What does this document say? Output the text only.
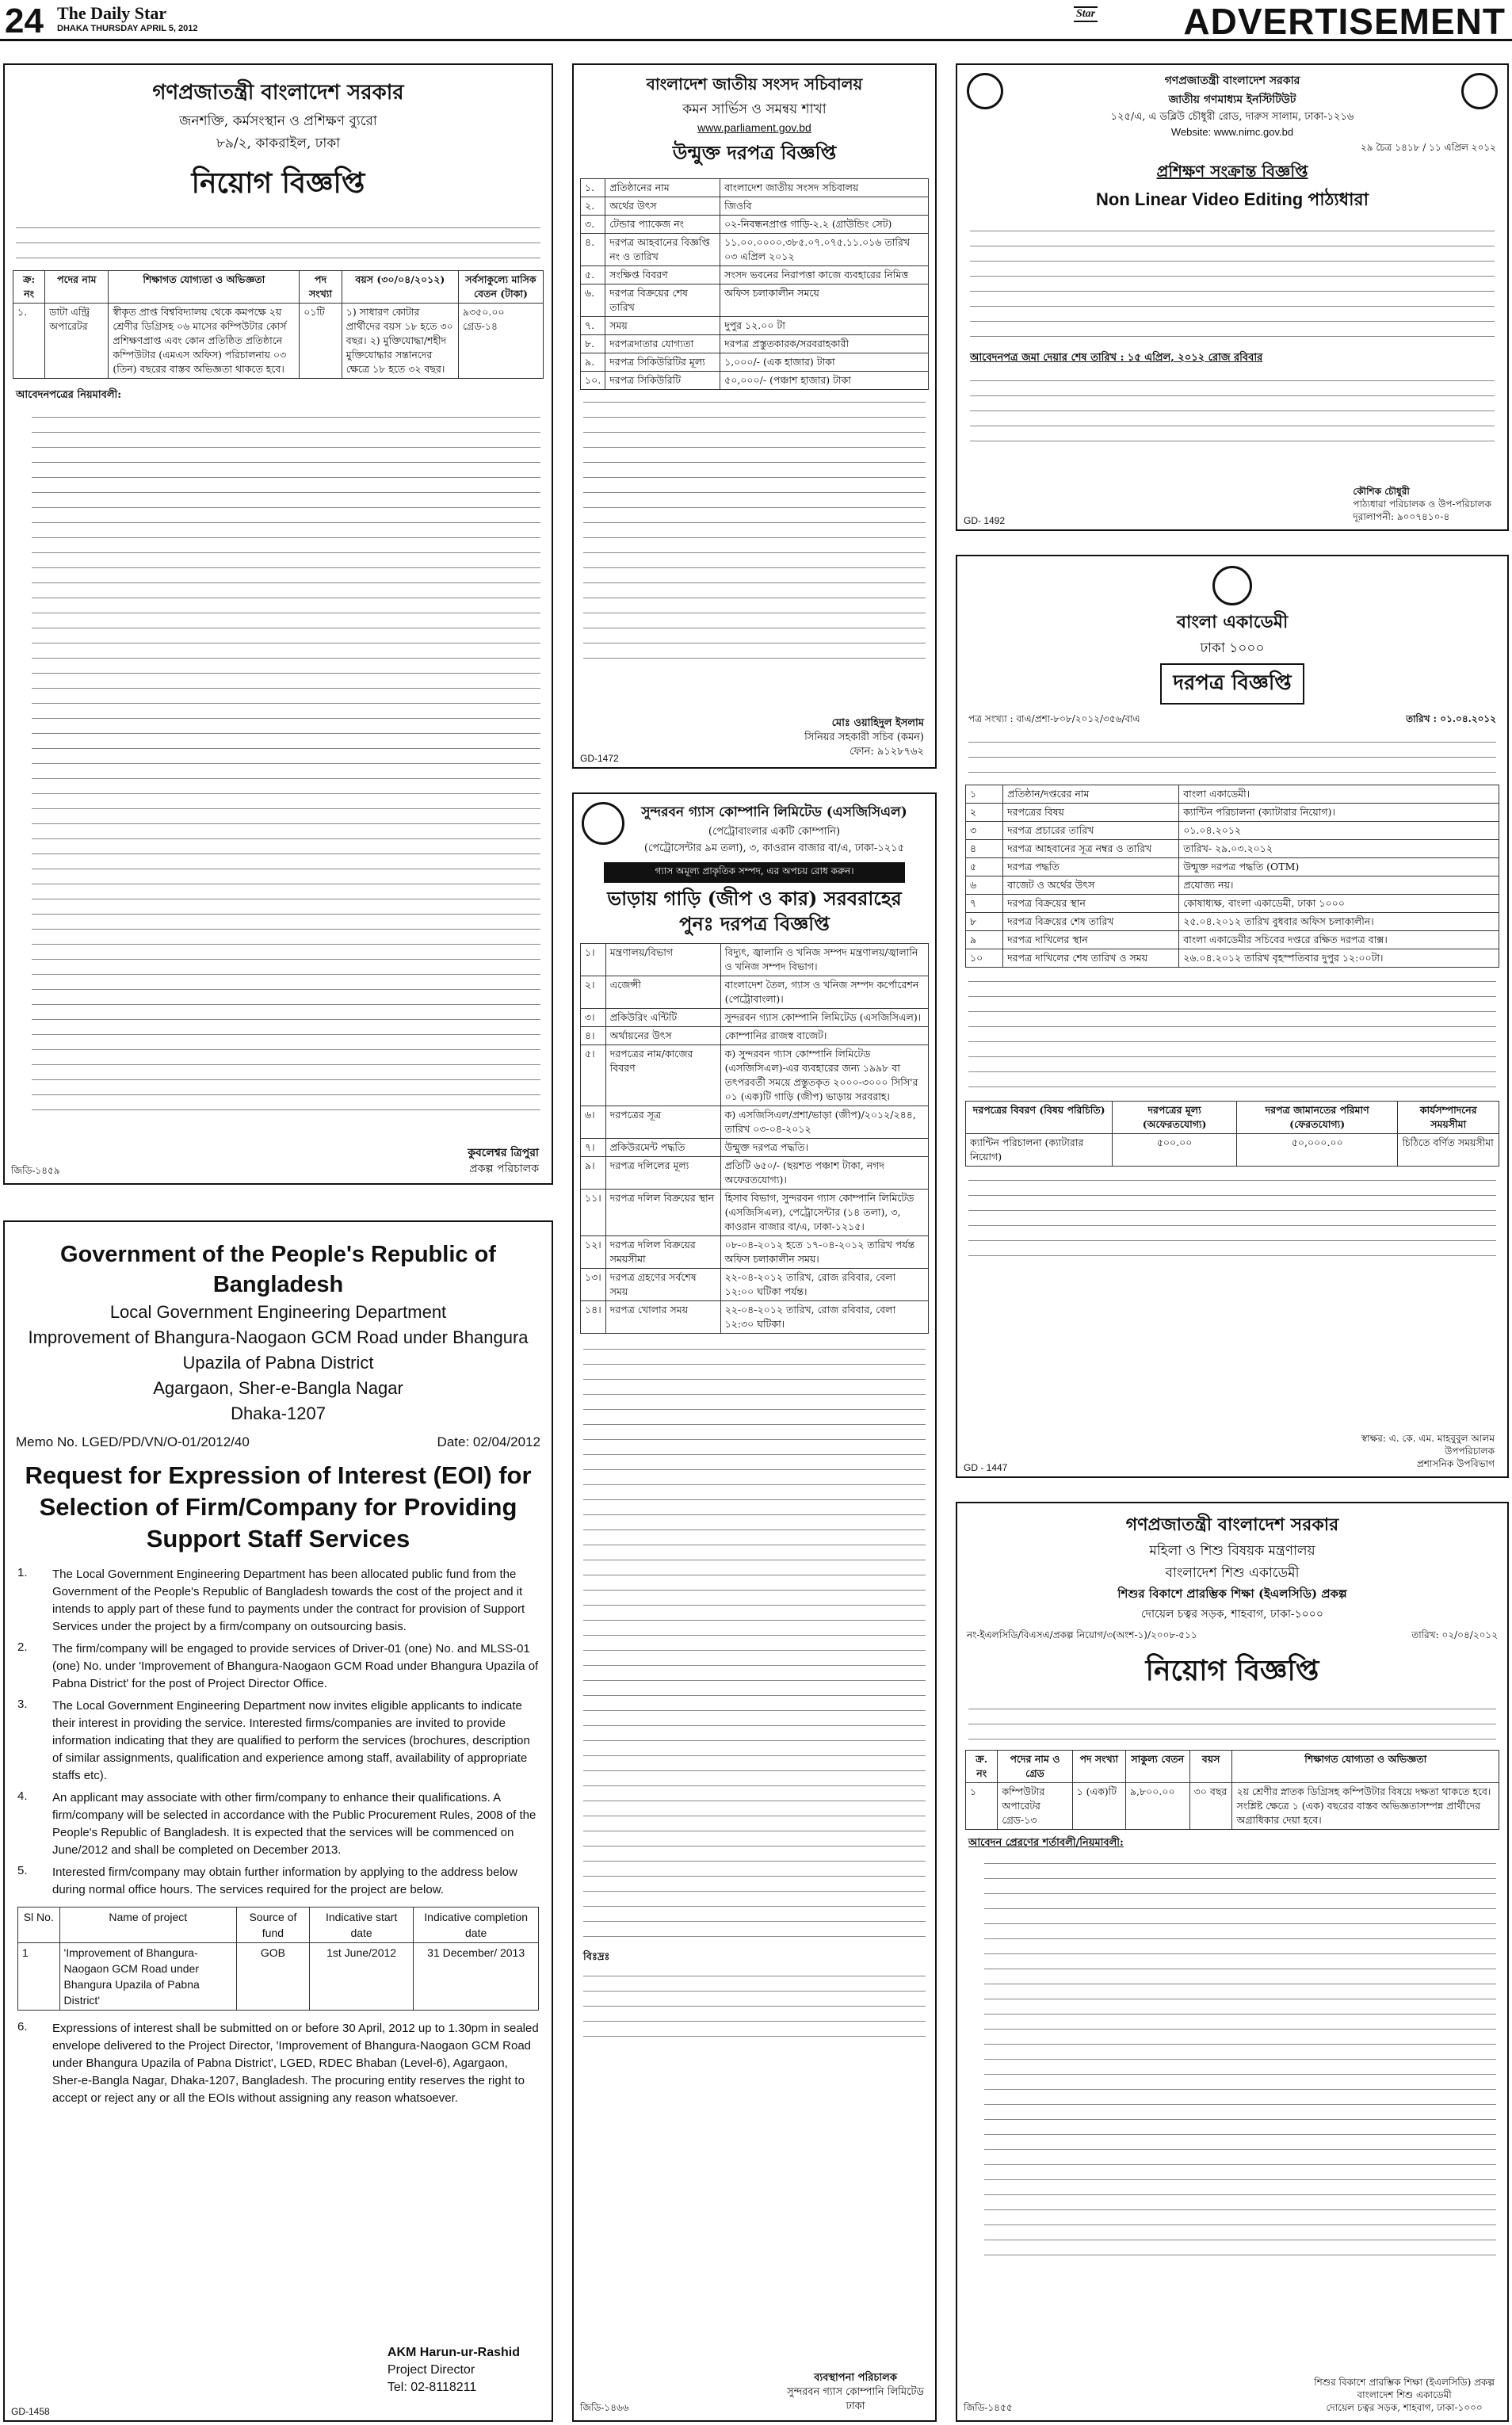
24 The Daily Star
DHAKA THURSDAY APRIL 5, 2012
Star ADVERTISEMENT
গণপ্রজাতন্ত্রী বাংলাদেশ সরকার
জনশক্তি, কর্মসংস্থান ও প্রশিক্ষণ ব্যুরো
৮৯/২, কাকরাইল, ঢাকা
নিয়োগ বিজ্ঞপ্তি
ক্র: নং	পদের নাম	শিক্ষাগত যোগ্যতা ও অভিজ্ঞতা	পদ সংখ্যা	বয়স (৩০/০৪/২০১২)	সর্বসাকুল্যে মাসিক বেতন (টাকা)
১.	ডাটা এন্ট্রি অপারেটর	স্বীকৃত প্রাপ্ত বিশ্ববিদ্যালয় থেকে কমপক্ষে ২য় শ্রেণীর ডিগ্রিসহ ০৬ মাসের কম্পিউটার কোর্স প্রশিক্ষণপ্রাপ্ত এবং কোন প্রতিষ্ঠিত প্রতিষ্ঠানে কম্পিউটার (এমএস অফিস) পরিচালনায় ০৩ (তিন) বছরের বাস্তব অভিজ্ঞতা থাকতে হবে।	০১টি	১) সাধারণ কোটার প্রার্থীদের বয়স ১৮ হতে ৩০ বছর। ২) মুক্তিযোদ্ধা/শহীদ মুক্তিযোদ্ধার সন্তানদের ক্ষেত্রে ১৮ হতে ৩২ বছর।	৯৩৫০.০০ গ্রেড-১৪
আবেদনপত্রের নিয়মাবলী:
কুবলেশ্বর ত্রিপুরা
প্রকল্প পরিচালক
জিডি-১৪৫৯
Government of the People's Republic of Bangladesh
Local Government Engineering Department
Improvement of Bhangura-Naogaon GCM Road under Bhangura Upazila of Pabna District
Agargaon, Sher-e-Bangla Nagar
Dhaka-1207
Memo No. LGED/PD/VN/O-01/2012/40	Date: 02/04/2012
Request for Expression of Interest (EOI) for Selection of Firm/Company for Providing Support Staff Services
1.	The Local Government Engineering Department has been allocated public fund from the Government of the People's Republic of Bangladesh towards the cost of the project and it intends to apply part of these fund to payments under the contract for provision of Support Services under the project by a firm/company on outsourcing basis.
2.	The firm/company will be engaged to provide services of Driver-01 (one) No. and MLSS-01 (one) No. under 'Improvement of Bhangura-Naogaon GCM Road under Bhangura Upazila of Pabna District' for the post of Project Director Office.
3.	The Local Government Engineering Department now invites eligible applicants to indicate their interest in providing the service. Interested firms/companies are invited to provide information indicating that they are qualified to perform the services (brochures, description of similar assignments, qualification and experience among staff, availability of appropriate staffs etc).
4.	An applicant may associate with other firm/company to enhance their qualifications. A firm/company will be selected in accordance with the Public Procurement Rules, 2008 of the People's Republic of Bangladesh. It is expected that the services will be commenced on June/2012 and shall be completed on December 2013.
5.	Interested firm/company may obtain further information by applying to the address below during normal office hours. The services required for the project are below.
Sl No.	Name of project	Source of fund	Indicative start date	Indicative completion date
1	'Improvement of Bhangura-Naogaon GCM Road under Bhangura Upazila of Pabna District'	GOB	1st June/2012	31 December/ 2013
6.	Expressions of interest shall be submitted on or before 30 April, 2012 up to 1.30pm in sealed envelope delivered to the Project Director, 'Improvement of Bhangura-Naogaon GCM Road under Bhangura Upazila of Pabna District', LGED, RDEC Bhaban (Level-6), Agargaon, Sher-e-Bangla Nagar, Dhaka-1207, Bangladesh. The procuring entity reserves the right to accept or reject any or all the EOIs without assigning any reason whatsoever.
AKM Harun-ur-Rashid
Project Director
Tel: 02-8118211
GD-1458
বাংলাদেশ জাতীয় সংসদ সচিবালয়
কমন সার্ভিস ও সমন্বয় শাখা
www.parliament.gov.bd
উন্মুক্ত দরপত্র বিজ্ঞপ্তি
১.	প্রতিষ্ঠানের নাম	বাংলাদেশ জাতীয় সংসদ সচিবালয়
২.	অর্থের উৎস	জিওবি
৩.	টেন্ডার প্যাকেজ নং	০২-নিবন্ধনপ্রাপ্ত গাড়ি-২.২ (গ্রাউন্ডিং সেট)
৪.	দরপত্র আহবানের বিজ্ঞপ্তি নং ও তারিখ	১১.০০.০০০০.৩৮৫.০৭.০৭৫.১১.০১৬ তারিখ ০৩ এপ্রিল ২০১২
৫.	সংক্ষিপ্ত বিবরণ	সংসদ ভবনের নিরাপত্তা কাজে ব্যবহারের নিমিত্ত
৬.	দরপত্র বিক্রয়ের শেষ তারিখ	অফিস চলাকালীন সময়ে
৭.	সময়	দুপুর ১২.০০ টা
৮.	দরপত্রদাতার যোগ্যতা	দরপত্র প্রস্তুতকারক/সরবরাহকারী
৯.	দরপত্র সিকিউরিটির মূল্য	১,০০০/- (এক হাজার) টাকা
১০.	দরপত্র সিকিউরিটি	৫০,০০০/- (পঞ্চাশ হাজার) টাকা
মোঃ ওয়াহিদুল ইসলাম
সিনিয়র সহকারী সচিব (কমন)
ফোন: ৯১২৮৭৬২
GD-1472
সুন্দরবন গ্যাস কোম্পানি লিমিটেড (এসজিসিএল)
(পেট্রোবাংলার একটি কোম্পানি)
(পেট্রোসেন্টার ৯ম তলা), ৩, কাওরান বাজার বা/এ, ঢাকা-১২১৫
গ্যাস অমূল্য প্রাকৃতিক সম্পদ, এর অপচয় রোধ করুন।
ভাড়ায় গাড়ি (জীপ ও কার) সরবরাহের
পুনঃ দরপত্র বিজ্ঞপ্তি
১।	মন্ত্রণালয়/বিভাগ	বিদ্যুৎ, জ্বালানি ও খনিজ সম্পদ মন্ত্রণালয়/জ্বালানি ও খনিজ সম্পদ বিভাগ।
২।	এজেন্সী	বাংলাদেশ তৈল, গ্যাস ও খনিজ সম্পদ কর্পোরেশন (পেট্রোবাংলা)।
৩।	প্রকিউরিং এন্টিটি	সুন্দরবন গ্যাস কোম্পানি লিমিটেড (এসজিসিএল)।
৪।	অর্থায়নের উৎস	কোম্পানির রাজস্ব বাজেট।
৫।	দরপত্রের নাম/কাজের বিবরণ	ক) সুন্দরবন গ্যাস কোম্পানি লিমিটেড (এসজিসিএল)-এর ব্যবহারের জন্য ১৯৯৮ বা তৎপরবর্তী সময়ে প্রস্তুতকৃত ২০০০-৩০০০ সিসি'র ০১ (এক)টি গাড়ি (জীপ) ভাড়ায় সরবরাহ।
৬।	দরপত্রের সূত্র	ক) এসজিসিএল/প্রশা/ভাড়া (জীপ)/২০১২/২৪৪, তারিখ ০৩-০৪-২০১২
৭।	প্রকিউরমেন্ট পদ্ধতি	উন্মুক্ত দরপত্র পদ্ধতি।
৯।	দরপত্র দলিলের মূল্য	প্রতিটি ৬৫০/- (ছয়শত পঞ্চাশ টাকা, নগদ অফেরতযোগ্য)।
১১।	দরপত্র দলিল বিক্রয়ের স্থান	হিসাব বিভাগ, সুন্দরবন গ্যাস কোম্পানি লিমিটেড (এসজিসিএল), পেট্রোসেন্টার (১৪ তলা), ৩, কাওরান বাজার বা/এ, ঢাকা-১২১৫।
১২।	দরপত্র দলিল বিক্রয়ের সময়সীমা	০৮-০৪-২০১২ হতে ১৭-০৪-২০১২ তারিখ পর্যন্ত অফিস চলাকালীন সময়।
১৩।	দরপত্র গ্রহণের সর্বশেষ সময়	২২-০৪-২০১২ তারিখ, রোজ রবিবার, বেলা ১২:০০ ঘটিকা পর্যন্ত।
১৪।	দরপত্র খোলার সময়	২২-০৪-২০১২ তারিখ, রোজ রবিবার, বেলা ১২:৩০ ঘটিকা।
বিঃদ্রঃ
ব্যবস্থাপনা পরিচালক
সুন্দরবন গ্যাস কোম্পানি লিমিটেড
ঢাকা
জিডি-১৪৬৬
গণপ্রজাতন্ত্রী বাংলাদেশ সরকার
জাতীয় গণমাধ্যম ইনস্টিটিউট
১২৫/এ, এ ডব্লিউ চৌধুরী রোড, দারুস সালাম, ঢাকা-১২১৬
Website: www.nimc.gov.bd
২৯ চৈত্র ১৪১৮ / ১১ এপ্রিল ২০১২
প্রশিক্ষণ সংক্রান্ত বিজ্ঞপ্তি
Non Linear Video Editing পাঠ্যধারা
আবেদনপত্র জমা দেয়ার শেষ তারিখ : ১৫ এপ্রিল, ২০১২ রোজ রবিবার
কৌশিক চৌধুরী
পাঠ্যধারা পরিচালক ও উপ-পরিচালক
দূরালাপনী: ৯০০৭৪১০-৪
GD- 1492
বাংলা একাডেমী
ঢাকা ১০০০
দরপত্র বিজ্ঞপ্তি
পত্র সংখ্যা : বাএ/প্রশা-৮০৮/২০১২/৩৫৬/বাএ	তারিখ : ০১.০৪.২০১২
১	প্রতিষ্ঠান/দপ্তরের নাম	বাংলা একাডেমী।
২	দরপত্রের বিষয়	ক্যান্টিন পরিচালনা (ক্যাটারার নিয়োগ)।
৩	দরপত্র প্রচারের তারিখ	০১.০৪.২০১২
৪	দরপত্র আহবানের সূত্র নম্বর ও তারিখ	তারিখ- ২৯.০৩.২০১২
৫	দরপত্র পদ্ধতি	উন্মুক্ত দরপত্র পদ্ধতি (OTM)
৬	বাজেট ও অর্থের উৎস	প্রযোজ্য নয়।
৭	দরপত্র বিক্রয়ের স্থান	কোষাধ্যক্ষ, বাংলা একাডেমী, ঢাকা ১০০০
৮	দরপত্র বিক্রয়ের শেষ তারিখ	২৫.০৪.২০১২ তারিখ বুধবার অফিস চলাকালীন।
৯	দরপত্র দাখিলের স্থান	বাংলা একাডেমীর সচিবের দপ্তরে রক্ষিত দরপত্র বাক্স।
১০	দরপত্র দাখিলের শেষ তারিখ ও সময়	২৬.০৪.২০১২ তারিখ বৃহস্পতিবার দুপুর ১২:০০টা।
দরপত্রের বিবরণ (বিষয় পরিচিতি)	দরপত্রের মূল্য (অফেরতযোগ্য)	দরপত্র জামানতের পরিমাণ (ফেরতযোগ্য)	কার্যসম্পাদনের সময়সীমা
ক্যান্টিন পরিচালনা (ক্যাটারার নিয়োগ)	৫০০.০০	৫০,০০০.০০	চিঠিতে বর্ণিত সময়সীমা
স্বাক্ষর: এ. কে. এম. মাহবুবুল আলম
উপপরিচালক
প্রশাসনিক উপবিভাগ
GD - 1447
গণপ্রজাতন্ত্রী বাংলাদেশ সরকার
মহিলা ও শিশু বিষয়ক মন্ত্রণালয়
বাংলাদেশ শিশু একাডেমী
শিশুর বিকাশে প্রারম্ভিক শিক্ষা (ইএলসিডি) প্রকল্প
দোয়েল চত্বর সড়ক, শাহবাগ, ঢাকা-১০০০
নং-ইএলসিডি/বিএসএ/প্রকল্প নিয়োগ/৩(অংশ-১)/২০০৮-৫১১	তারিখ: ০২/০৪/২০১২
নিয়োগ বিজ্ঞপ্তি
ক্র. নং	পদের নাম ও গ্রেড	পদ সংখ্যা	সাকুল্য বেতন	বয়স	শিক্ষাগত যোগ্যতা ও অভিজ্ঞতা
১	কম্পিউটার অপারেটর গ্রেড-১৩	১ (এক)টি	৯,৮০০.০০	৩০ বছর	২য় শ্রেণীর স্নাতক ডিগ্রিসহ কম্পিউটার বিষয়ে দক্ষতা থাকতে হবে। সংশ্লিষ্ট ক্ষেত্রে ১ (এক) বছরের বাস্তব অভিজ্ঞতাসম্পন্ন প্রার্থীদের অগ্রাধিকার দেয়া হবে।
আবেদন প্রেরণের শর্তাবলী/নিয়মাবলী:
শিশুর বিকাশে প্রারম্ভিক শিক্ষা (ইএলসিডি) প্রকল্প
বাংলাদেশ শিশু একাডেমী
দোয়েল চত্বর সড়ক, শাহবাগ, ঢাকা-১০০০
জিডি-১৪৫৫
